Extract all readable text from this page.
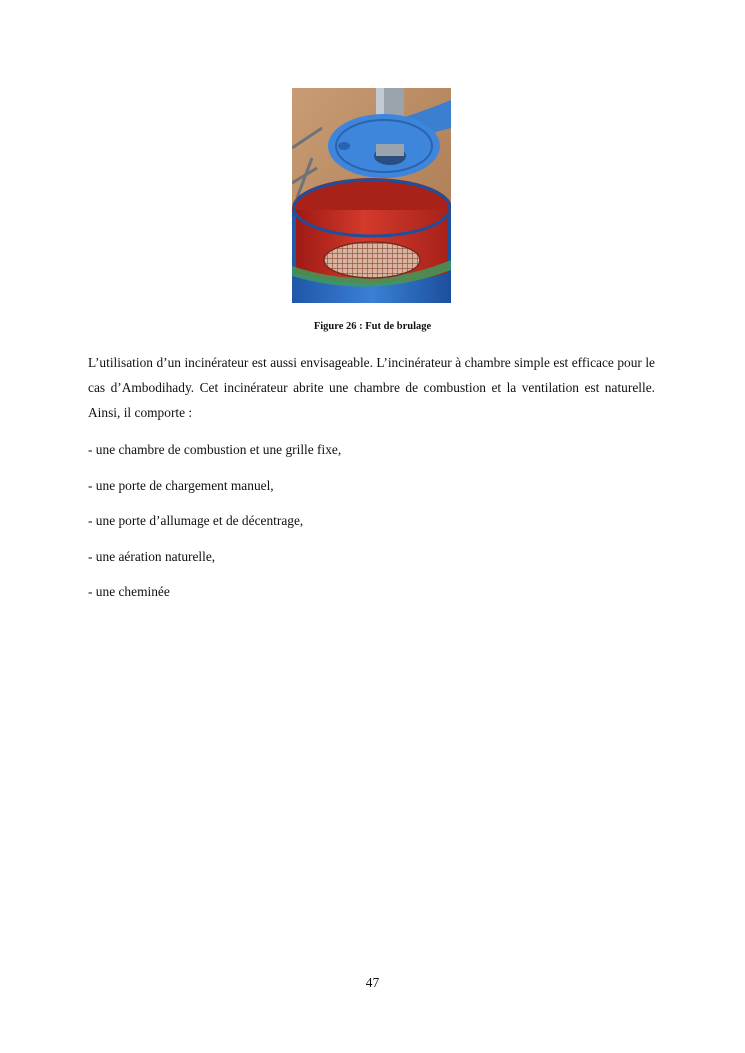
Figure 26 : Fut de brulage

L’utilisation d’un incinérateur est aussi envisageable. L’incinérateur à chambre simple est efficace pour le cas d’Ambodihady. Cet incinérateur abrite une chambre de combustion et la ventilation est naturelle. Ainsi, il comporte :

- une chambre de combustion et une grille fixe,
- une porte de chargement manuel,
- une porte d’allumage et de décentrage,
- une aération naturelle,
- une cheminée
47
